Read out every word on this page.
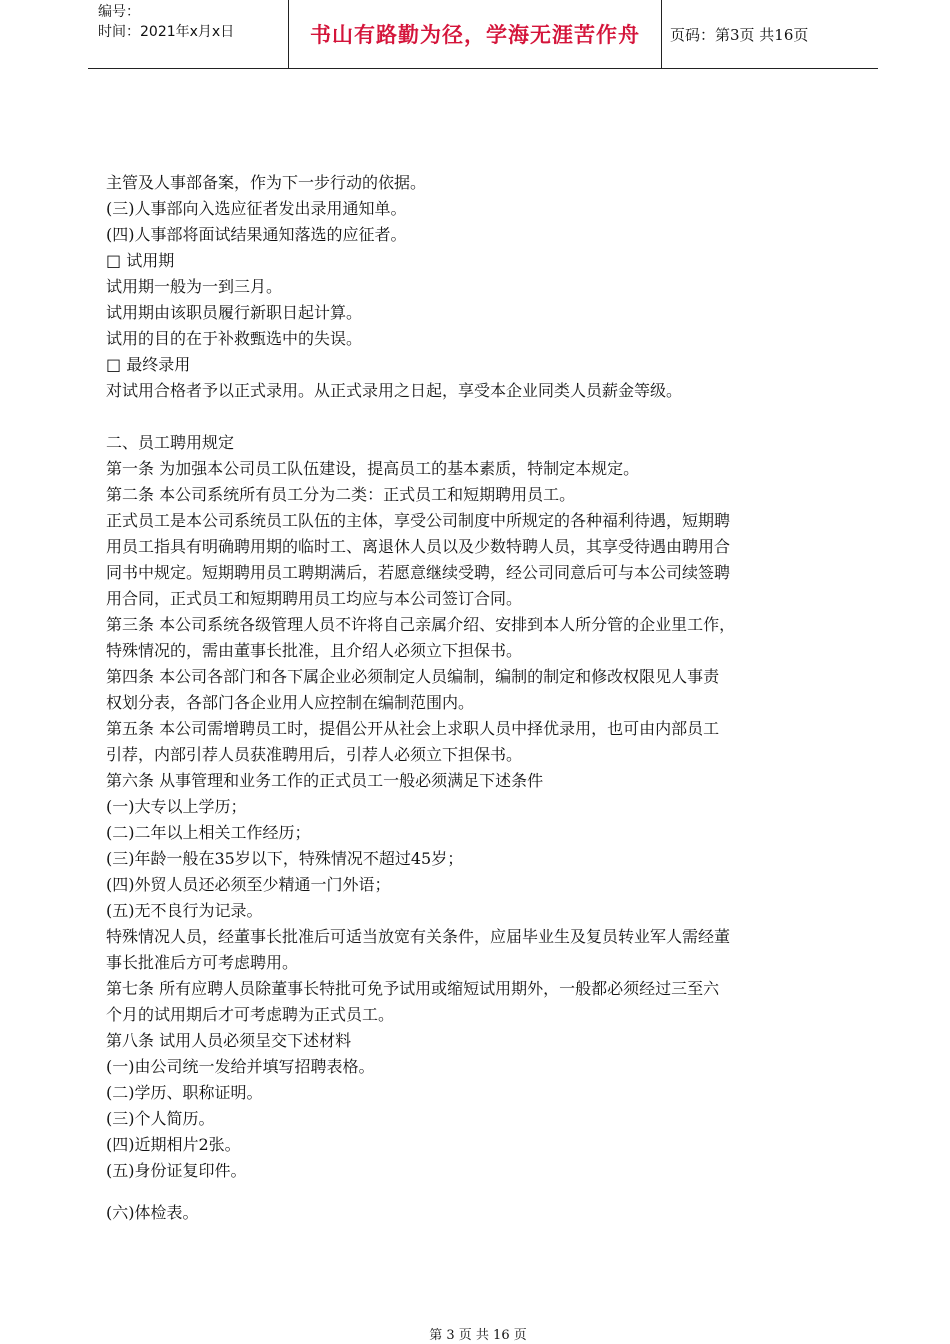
编号：
时间：2021年x月x日	书山有路勤为径，学海无涯苦作舟	页码：第3页 共16页

主管及人事部备案，作为下一步行动的依据。

(三)人事部向入选应征者发出录用通知单。

(四)人事部将面试结果通知落选的应征者。

□ 试用期

试用期一般为一到三月。

试用期由该职员履行新职日起计算。

试用的目的在于补救甄选中的失误。

□ 最终录用

对试用合格者予以正式录用。从正式录用之日起，享受本企业同类人员薪金等级。

二、员工聘用规定

第一条 为加强本公司员工队伍建设，提高员工的基本素质，特制定本规定。

第二条 本公司系统所有员工分为二类：正式员工和短期聘用员工。

正式员工是本公司系统员工队伍的主体，享受公司制度中所规定的各种福利待遇，短期聘

用员工指具有明确聘用期的临时工、离退休人员以及少数特聘人员，其享受待遇由聘用合

同书中规定。短期聘用员工聘期满后，若愿意继续受聘，经公司同意后可与本公司续签聘

用合同，正式员工和短期聘用员工均应与本公司签订合同。

第三条 本公司系统各级管理人员不许将自己亲属介绍、安排到本人所分管的企业里工作，

特殊情况的，需由董事长批准，且介绍人必须立下担保书。

第四条 本公司各部门和各下属企业必须制定人员编制，编制的制定和修改权限见人事责

权划分表，各部门各企业用人应控制在编制范围内。

第五条 本公司需增聘员工时，提倡公开从社会上求职人员中择优录用，也可由内部员工

引荐，内部引荐人员获准聘用后，引荐人必须立下担保书。

第六条 从事管理和业务工作的正式员工一般必须满足下述条件

(一)大专以上学历；

(二)二年以上相关工作经历；

(三)年龄一般在35岁以下，特殊情况不超过45岁；

(四)外贸人员还必须至少精通一门外语；

(五)无不良行为记录。

特殊情况人员，经董事长批准后可适当放宽有关条件，应届毕业生及复员转业军人需经董

事长批准后方可考虑聘用。

第七条 所有应聘人员除董事长特批可免予试用或缩短试用期外，一般都必须经过三至六

个月的试用期后才可考虑聘为正式员工。

第八条 试用人员必须呈交下述材料

(一)由公司统一发给并填写招聘表格。

(二)学历、职称证明。

(三)个人简历。

(四)近期相片2张。

(五)身份证复印件。

(六)体检表。

第 3 页 共 16 页
